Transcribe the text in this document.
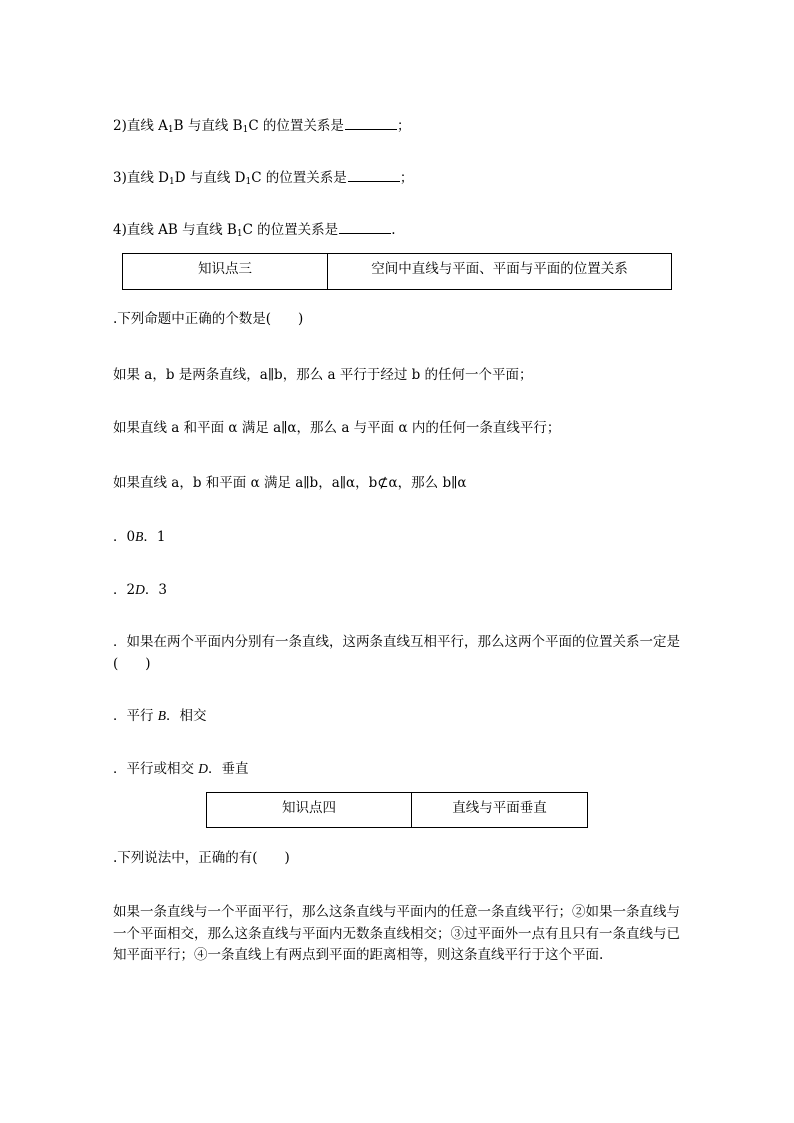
2)直线 $A_1B$ 与直线 $B_1C$ 的位置关系是	；
3)直线 $D_1D$ 与直线 $D_1C$ 的位置关系是	；
4)直线 AB 与直线 $B_1C$ 的位置关系是	.
知识点三	空间中直线与平面、平面与平面的位置关系
.下列命题中正确的个数是(　　)
如果 a，b 是两条直线，a∥b，那么 a 平行于经过 b 的任何一个平面；
如果直线 a 和平面 α 满足 a∥α，那么 a 与平面 α 内的任何一条直线平行；
如果直线 a，b 和平面 α 满足 a∥b，a∥α，b⊄α，那么 b∥α
．0B．1
．2D．3
．如果在两个平面内分别有一条直线，这两条直线互相平行，那么这两个平面的位置关系一定是(　　)
．平行 B．相交
．平行或相交 D．垂直
知识点四	直线与平面垂直
.下列说法中，正确的有(　　)
如果一条直线与一个平面平行，那么这条直线与平面内的任意一条直线平行；②如果一条直线与一个平面相交，那么这条直线与平面内无数条直线相交；③过平面外一点有且只有一条直线与已知平面平行；④一条直线上有两点到平面的距离相等，则这条直线平行于这个平面.
